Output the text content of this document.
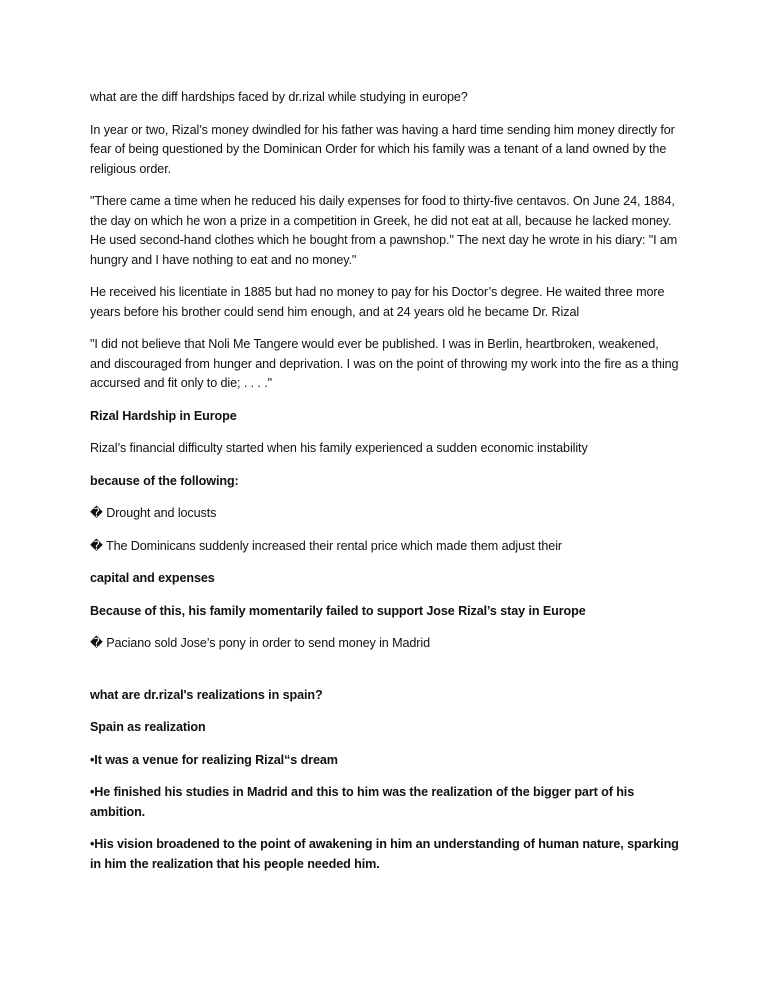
what are the diff hardships faced by dr.rizal while studying in europe?

In year or two, Rizal’s money dwindled for his father was having a hard time sending him money directly for fear of being questioned by the Dominican Order for which his family was a tenant of a land owned by the religious order.

"There came a time when he reduced his daily expenses for food to thirty-five centavos. On June 24, 1884, the day on which he won a prize in a competition in Greek, he did not eat at all, because he lacked money. He used second-hand clothes which he bought from a pawnshop." The next day he wrote in his diary: "I am hungry and I have nothing to eat and no money."

He received his licentiate in 1885 but had no money to pay for his Doctor’s degree. He waited three more years before his brother could send him enough, and at 24 years old he became Dr. Rizal

"I did not believe that Noli Me Tangere would ever be published. I was in Berlin, heartbroken, weakened, and discouraged from hunger and deprivation. I was on the point of throwing my work into the fire as a thing accursed and fit only to die; . . . ."

Rizal Hardship in Europe

Rizal’s financial difficulty started when his family experienced a sudden economic instability

because of the following:

� Drought and locusts

� The Dominicans suddenly increased their rental price which made them adjust their

capital and expenses

Because of this, his family momentarily failed to support Jose Rizal’s stay in Europe

� Paciano sold Jose’s pony in order to send money in Madrid

what are dr.rizal's realizations in spain?

Spain as realization

•It was a venue for realizing Rizal“s dream

•He finished his studies in Madrid and this to him was the realization of the bigger part of his ambition.

•His vision broadened to the point of awakening in him an understanding of human nature, sparking in him the realization that his people needed him.
